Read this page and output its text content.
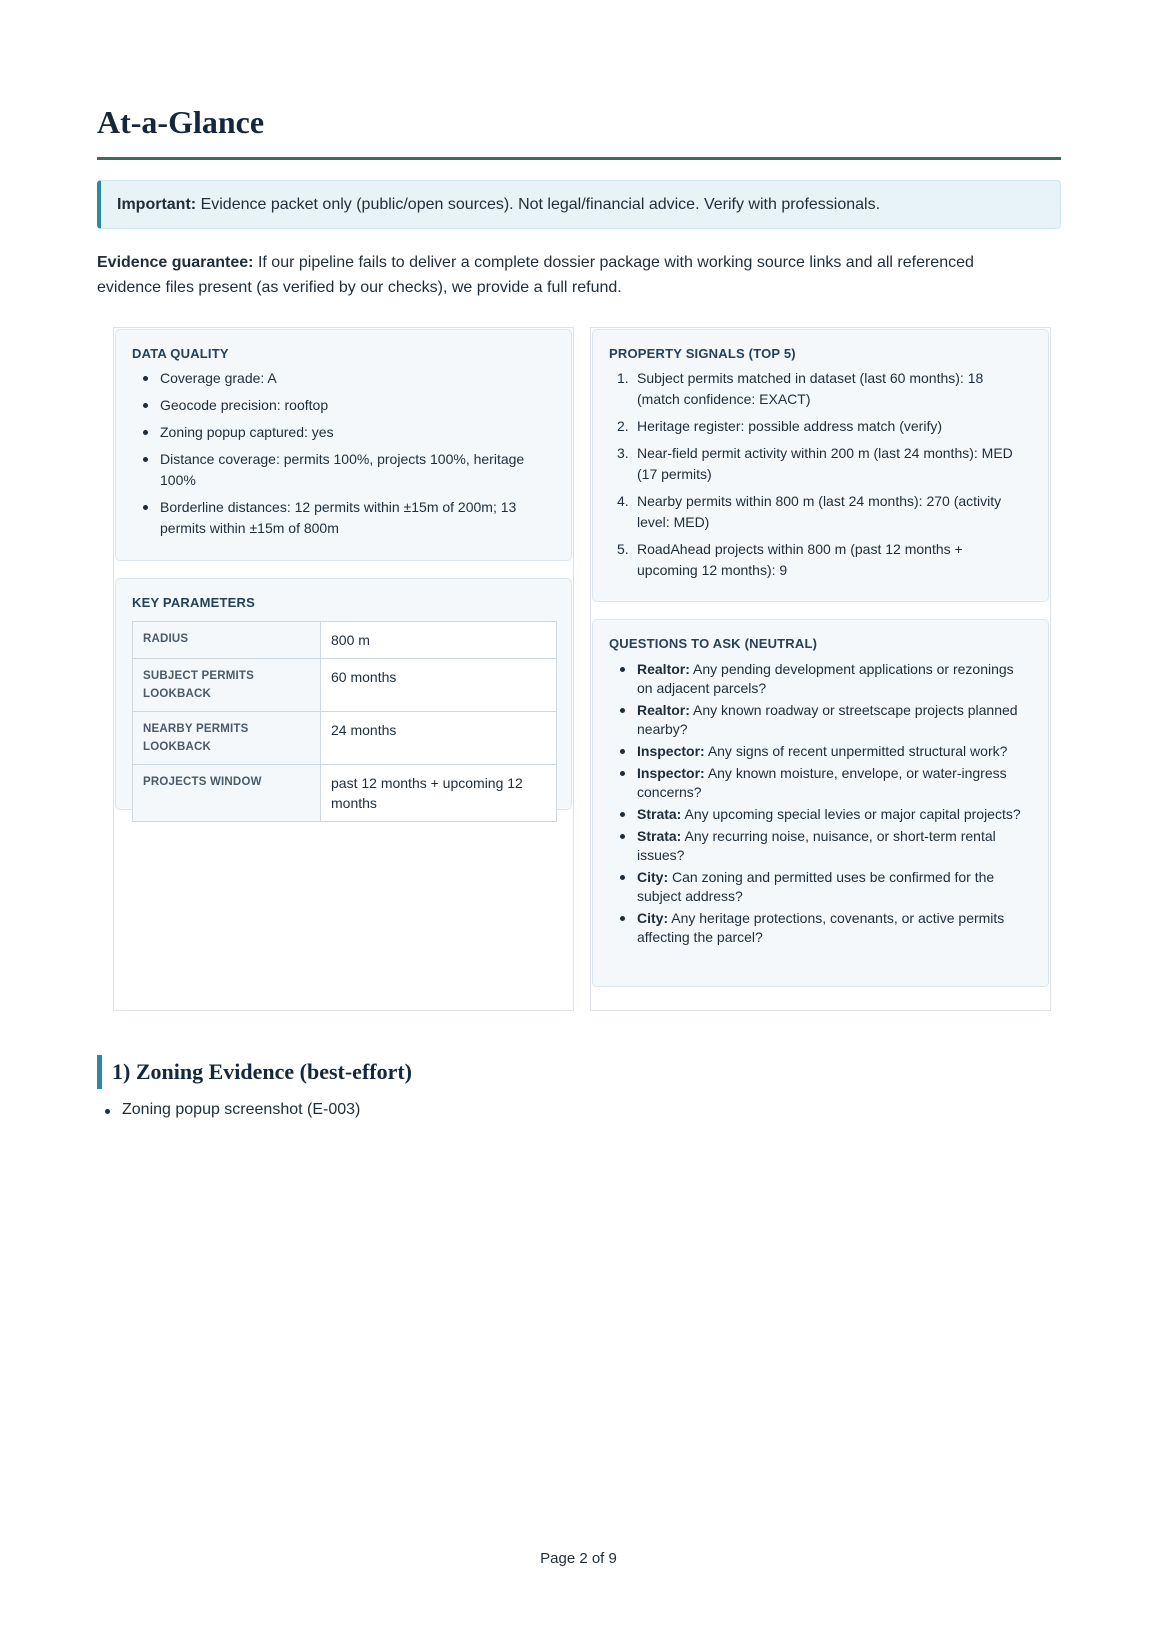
At-a-Glance
Important: Evidence packet only (public/open sources). Not legal/financial advice. Verify with professionals.
Evidence guarantee: If our pipeline fails to deliver a complete dossier package with working source links and all referenced evidence files present (as verified by our checks), we provide a full refund.
DATA QUALITY
Coverage grade: A
Geocode precision: rooftop
Zoning popup captured: yes
Distance coverage: permits 100%, projects 100%, heritage 100%
Borderline distances: 12 permits within ±15m of 200m; 13 permits within ±15m of 800m
KEY PARAMETERS
RADIUS	800 m
SUBJECT PERMITS LOOKBACK	60 months
NEARBY PERMITS LOOKBACK	24 months
PROJECTS WINDOW	past 12 months + upcoming 12 months
PROPERTY SIGNALS (TOP 5)
1. Subject permits matched in dataset (last 60 months): 18 (match confidence: EXACT)
2. Heritage register: possible address match (verify)
3. Near-field permit activity within 200 m (last 24 months): MED (17 permits)
4. Nearby permits within 800 m (last 24 months): 270 (activity level: MED)
5. RoadAhead projects within 800 m (past 12 months + upcoming 12 months): 9
QUESTIONS TO ASK (NEUTRAL)
Realtor: Any pending development applications or rezonings on adjacent parcels?
Realtor: Any known roadway or streetscape projects planned nearby?
Inspector: Any signs of recent unpermitted structural work?
Inspector: Any known moisture, envelope, or water-ingress concerns?
Strata: Any upcoming special levies or major capital projects?
Strata: Any recurring noise, nuisance, or short-term rental issues?
City: Can zoning and permitted uses be confirmed for the subject address?
City: Any heritage protections, covenants, or active permits affecting the parcel?
1) Zoning Evidence (best-effort)
Zoning popup screenshot (E-003)
Page 2 of 9
